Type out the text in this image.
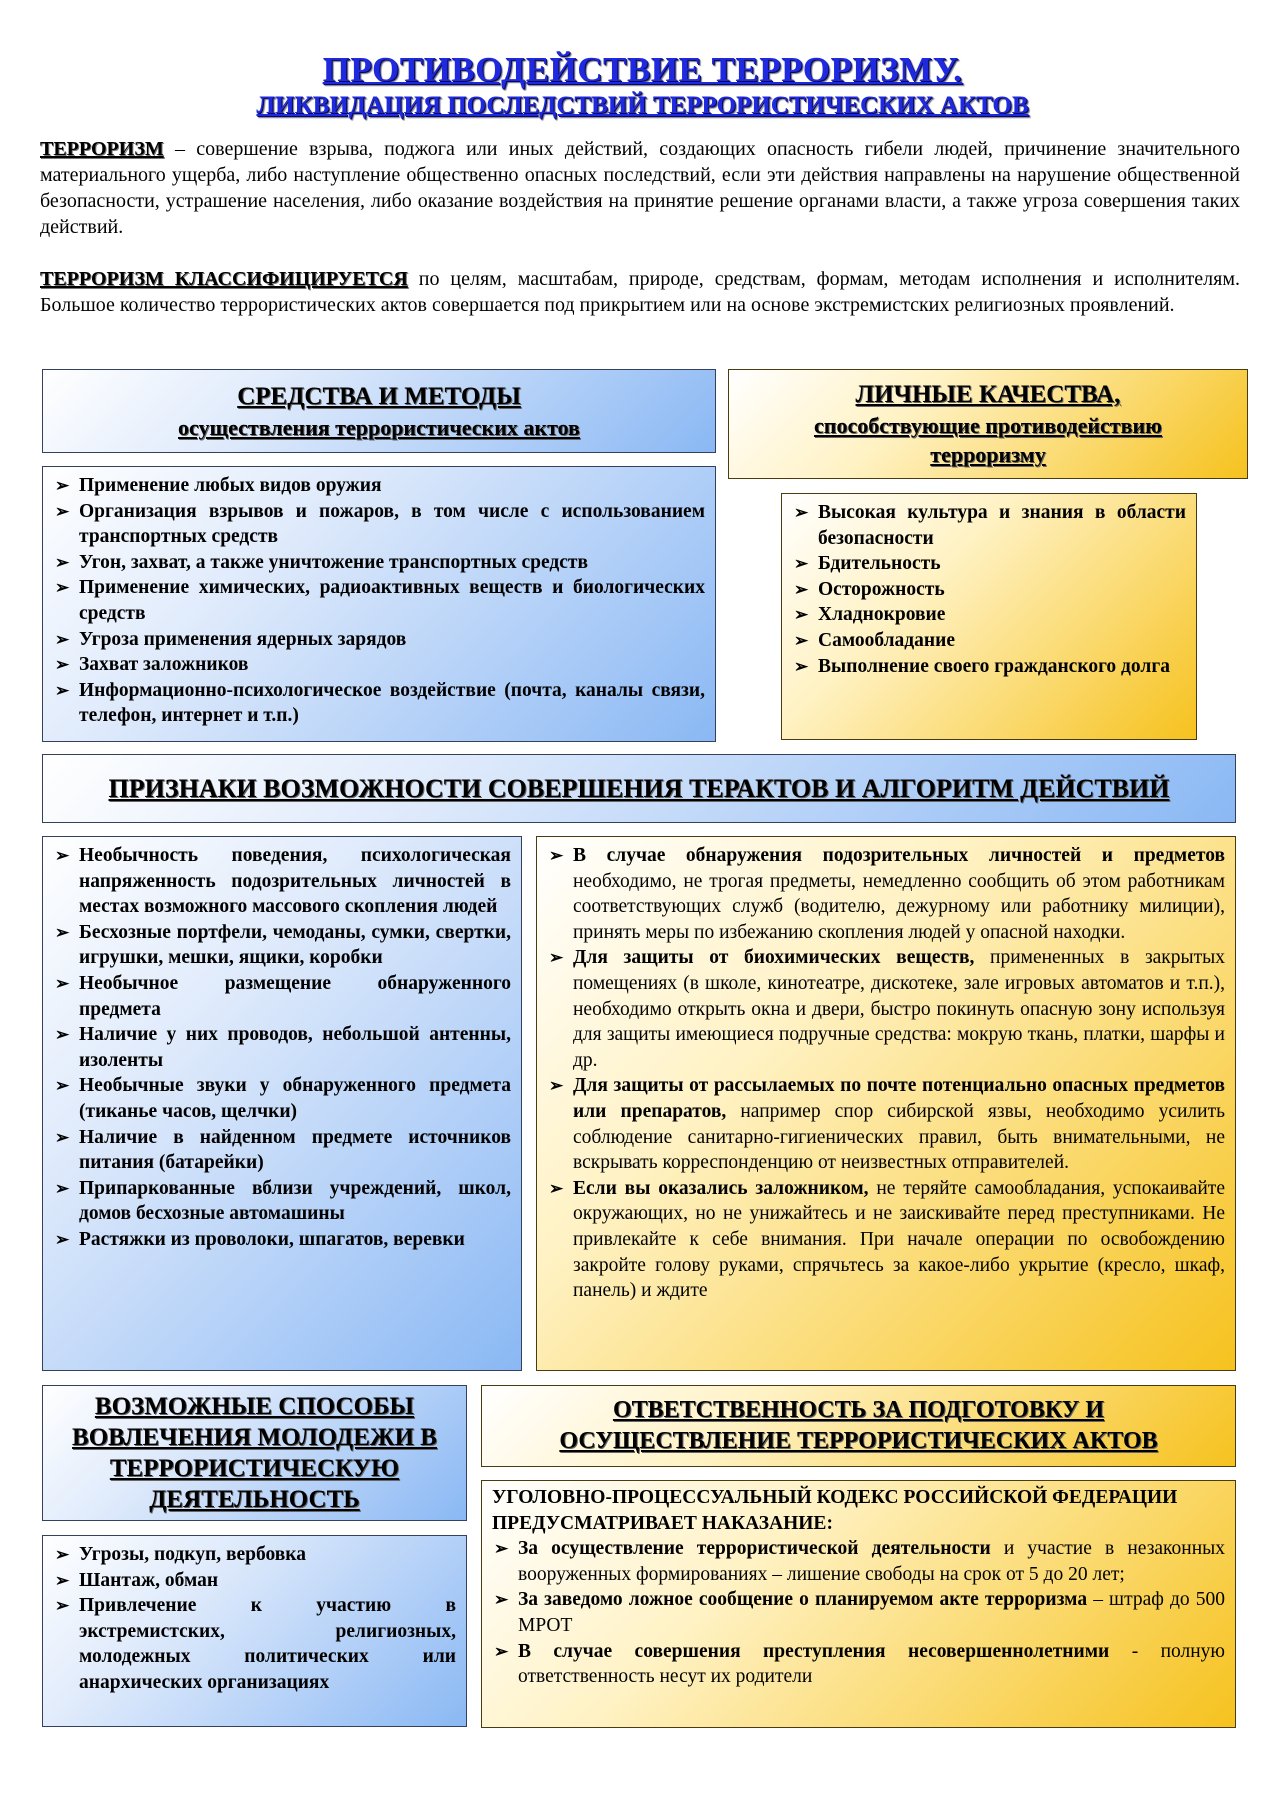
ПРОТИВОДЕЙСТВИЕ ТЕРРОРИЗМУ.
ЛИКВИДАЦИЯ ПОСЛЕДСТВИЙ ТЕРРОРИСТИЧЕСКИХ АКТОВ
ТЕРРОРИЗМ – совершение взрыва, поджога или иных действий, создающих опасность гибели людей, причинение значительного материального ущерба, либо наступление общественно опасных последствий, если эти действия направлены на нарушение общественной безопасности, устрашение населения, либо оказание воздействия на принятие решение органами власти, а также угроза совершения таких действий.
ТЕРРОРИЗМ КЛАССИФИЦИРУЕТСЯ по целям, масштабам, природе, средствам, формам, методам исполнения и исполнителям. Большое количество террористических актов совершается под прикрытием или на основе экстремистских религиозных проявлений.
СРЕДСТВА И МЕТОДЫ
осуществления террористических актов
➢ Применение любых видов оружия
➢ Организация взрывов и пожаров, в том числе с использованием транспортных средств
➢ Угон, захват, а также уничтожение транспортных средств
➢ Применение химических, радиоактивных веществ и биологических средств
➢ Угроза применения ядерных зарядов
➢ Захват заложников
➢ Информационно-психологическое воздействие (почта, каналы связи, телефон, интернет и т.п.)
ЛИЧНЫЕ КАЧЕСТВА,
способствующие противодействию
терроризму
➢ Высокая культура и знания в области безопасности
➢ Бдительность
➢ Осторожность
➢ Хладнокровие
➢ Самообладание
➢ Выполнение своего гражданского долга
ПРИЗНАКИ ВОЗМОЖНОСТИ СОВЕРШЕНИЯ ТЕРАКТОВ И АЛГОРИТМ ДЕЙСТВИЙ
➢ Необычность поведения, психологическая напряженность подозрительных личностей в местах возможного массового скопления людей
➢ Бесхозные портфели, чемоданы, сумки, свертки, игрушки, мешки, ящики, коробки
➢ Необычное размещение обнаруженного предмета
➢ Наличие у них проводов, небольшой антенны, изоленты
➢ Необычные звуки у обнаруженного предмета (тиканье часов, щелчки)
➢ Наличие в найденном предмете источников питания (батарейки)
➢ Припаркованные вблизи учреждений, школ, домов бесхозные автомашины
➢ Растяжки из проволоки, шпагатов, веревки
➢ В случае обнаружения подозрительных личностей и предметов необходимо, не трогая предметы, немедленно сообщить об этом работникам соответствующих служб (водителю, дежурному или работнику милиции), принять меры по избежанию скопления людей у опасной находки.
➢ Для защиты от биохимических веществ, примененных в закрытых помещениях (в школе, кинотеатре, дискотеке, зале игровых автоматов и т.п.), необходимо открыть окна и двери, быстро покинуть опасную зону используя для защиты имеющиеся подручные средства: мокрую ткань, платки, шарфы и др.
➢ Для защиты от рассылаемых по почте потенциально опасных предметов или препаратов, например спор сибирской язвы, необходимо усилить соблюдение санитарно-гигиенических правил, быть внимательными, не вскрывать корреспонденцию от неизвестных отправителей.
➢ Если вы оказались заложником, не теряйте самообладания, успокаивайте окружающих, но не унижайтесь и не заискивайте перед преступниками. Не привлекайте к себе внимания. При начале операции по освобождению закройте голову руками, спрячьтесь за какое-либо укрытие (кресло, шкаф, панель) и ждите
ВОЗМОЖНЫЕ СПОСОБЫ ВОВЛЕЧЕНИЯ МОЛОДЕЖИ В ТЕРРОРИСТИЧЕСКУЮ ДЕЯТЕЛЬНОСТЬ
➢ Угрозы, подкуп, вербовка
➢ Шантаж, обман
➢ Привлечение к участию в экстремистских, религиозных, молодежных политических или анархических организациях
ОТВЕТСТВЕННОСТЬ ЗА ПОДГОТОВКУ И ОСУЩЕСТВЛЕНИЕ ТЕРРОРИСТИЧЕСКИХ АКТОВ
УГОЛОВНО-ПРОЦЕССУАЛЬНЫЙ КОДЕКС РОССИЙСКОЙ ФЕДЕРАЦИИ ПРЕДУСМАТРИВАЕТ НАКАЗАНИЕ:
➢ За осуществление террористической деятельности и участие в незаконных вооруженных формированиях – лишение свободы на срок от 5 до 20 лет;
➢ За заведомо ложное сообщение о планируемом акте терроризма – штраф до 500 МРОТ
➢ В случае совершения преступления несовершеннолетними - полную ответственность несут их родители
